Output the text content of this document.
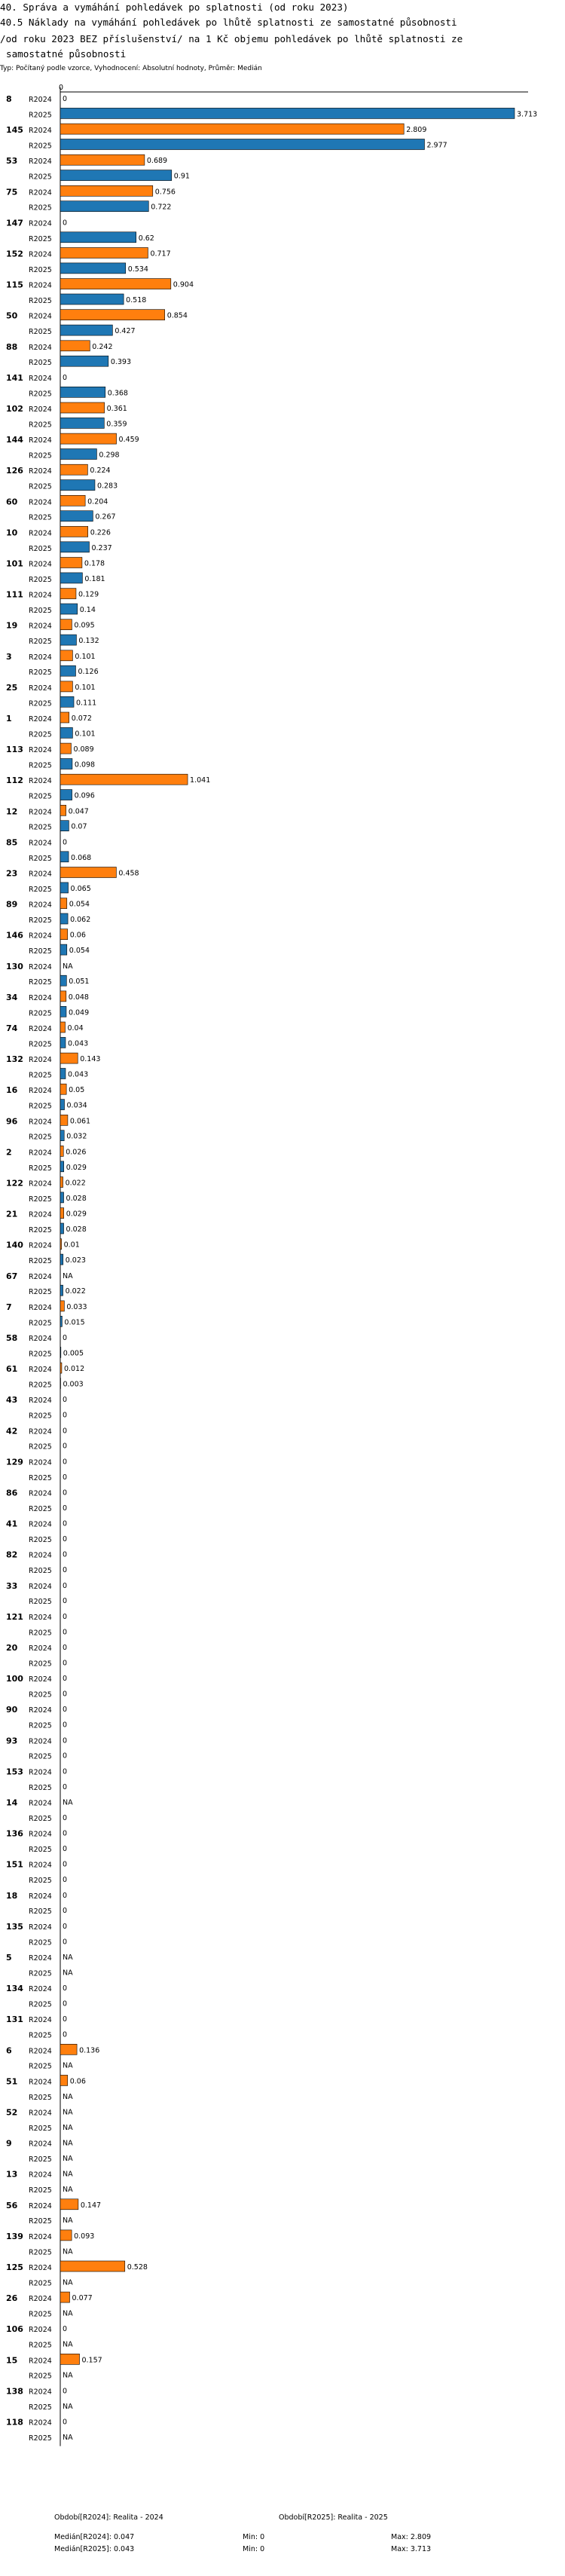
40. Správa a vymáhání pohledávek po splatnosti (od roku 2023)
40.5 Náklady na vymáhání pohledávek po lhůtě splatnosti ze samostatné působnosti
/od roku 2023 BEZ příslušenství/ na 1 Kč objemu pohledávek po lhůtě splatnosti ze
samostatné působnosti
Typ: Počítaný podle vzorce, Vyhodnocení: Absolutní hodnoty, Průměr: Medián
0
8 R2024 0
R2025	3.713
145 R2024	2.809
R2025	2.977
53 R2024	0.689
R2025	0.91
75 R2024	0.756
R2025	0.722
147 R2024 0
R2025	0.62
152 R2024	0.717
R2025	0.534
115 R2024	0.904
R2025	0.518
50 R2024	0.854
R2025	0.427
88 R2024	0.242
R2025	0.393
141 R2024 0
R2025	0.368
102 R2024	0.361
R2025	0.359
144 R2024	0.459
R2025	0.298
126 R2024	0.224
R2025	0.283
60 R2024	0.204
R2025	0.267
10 R2024	0.226
R2025	0.237
101 R2024	0.178
R2025	0.181
111 R2024	0.129
R2025	0.14
19 R2024	0.095
R2025	0.132
3 R2024	0.101
R2025	0.126
25 R2024	0.101
R2025	0.111
1 R2024	0.072
R2025	0.101
113 R2024	0.089
R2025	0.098
112 R2024	1.041
R2025	0.096
12 R2024 0.047
R2025	0.07
85 R2024 0
R2025	0.068
23 R2024	0.458
R2025	0.065
89 R2024 0.054
R2025	0.062
146 R2024	0.06
R2025 0.054
130 R2024 NA
R2025 0.051
34 R2024 0.048
R2025 0.049
74 R2024 0.04
R2025 0.043
132 R2024	0.143
R2025 0.043
16 R2024 0.05
R2025 0.034
96 R2024	0.061
R2025 0.032
2 R2024 0.026
R2025 0.029
122 R2024 0.022
R2025 0.028
21 R2024 0.029
R2025 0.028
140 R2024 0.01
R2025 0.023
67 R2024 NA
R2025 0.022
7 R2024 0.033
R2025 0.015
58 R2024 0
R2025 0.005
61 R2024 0.012
R2025 0.003
43 R2024 0
R2025 0
42 R2024 0
R2025 0
129 R2024 0
R2025 0
86 R2024 0
R2025 0
41 R2024 0
R2025 0
82 R2024 0
R2025 0
33 R2024 0
R2025 0
121 R2024 0
R2025 0
20 R2024 0
R2025 0
100 R2024 0
R2025 0
90 R2024 0
R2025 0
93 R2024 0
R2025 0
153 R2024 0
R2025 0
14 R2024 NA
R2025 0
136 R2024 0
R2025 0
151 R2024 0
R2025 0
18 R2024 0
R2025 0
135 R2024 0
R2025 0
5 R2024 NA
R2025 NA
134 R2024 0
R2025 0
131 R2024 0
R2025 0
6 R2024	0.136
R2025 NA
51 R2024	0.06
R2025 NA
52 R2024 NA
R2025 NA
9 R2024 NA
R2025 NA
13 R2024 NA
R2025 NA
56 R2024	0.147
R2025 NA
139 R2024	0.093
R2025 NA
125 R2024	0.528
R2025 NA
26 R2024	0.077
R2025 NA
106 R2024 0
R2025 NA
15 R2024	0.157
R2025 NA
138 R2024 0
R2025 NA
118 R2024 0
R2025 NA
Období[R2024]: Realita - 2024	Období[R2025]: Realita - 2025
Medián[R2024]: 0.047	Min: 0	Max: 2.809
Medián[R2025]: 0.043	Min: 0	Max: 3.713
